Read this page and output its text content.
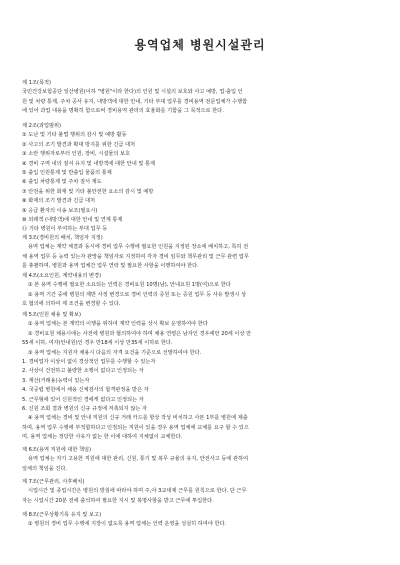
용역업체 병원시설관리

제 1조(목적)

국민건강보험공단 일산병원(이하 "병원"이라 한다)의 인원 및 시설의 보호와 사고 예방, 업·출입 인

원 및 차량 통제, 주차 공사 유지, 내방객에 대한 안내, 기타 부대 업무를 경비용역 전문업체가 수행함

에 있어 과업 내용을 명확히 함으로써 경비용역 관리의 효율화를 기함을 그 목적으로 한다.

제 2조(과업범위)

① 도난 및 기타 불법 행위의 감시 및 예방 활동

② 사고의 조기 발견과 확대 방지를 위한 긴급 대처

③ 소란 행위자로부터 인원, 장비, 시설물의 보호

④ 경비 구역 내의 질서 유지 및 내방객에 대한 안내 및 통제

⑤ 출입 인원통제 및 반출입 물품의 통제

⑥ 출입 차량통제 및 주차 질서 계도

⑦ 안전을 위한 화재 및 기타 불안전한 요소의 감시 및 예방

⑧ 화재의 조기 발견과 긴급 대처

⑨ 응급 환자의 이송 보조(필요시)

⑩ 외래객 (내방객)에 대한 안내 및 연계 통제

⑪ 기타 병원이 부여하는 부대 업무 등

제 3조(경비원의 배치, 책임자 지정)

용역 업체는 계약 체결과 동시에 경비 업무 수행에 필요한 인원을 지정된 장소에 배치하고, 특히 전

체 용역 업무 등 능력 있는자 관망을 책임자로 지정하여 각자 경비 임무와 책무관리 및 근무 관련 업무

를 총괄하며, 병원과 용역 업체간 업무 연락 및 필요한 사항을 이행하여야 한다.

제 4조(소요인원, 계약내용의 변경)

① 본 용역 수행에 필요한 소요되는 인력은 경비요원 10명(남), 안내요원 1명(여)으로 한다

② 용역 기간 중에 병원의 제반 사정 변경으로 경비 인력의 증원 또는 증원 업무 등 사유 발생시 상

호 협의에 의하여 제 조건을 변경할 수 있다.

제 5조(인원 채용 및 확보)

① 용역 업체는 본 계약의 이행을 위하여 계약 인력을 상시 확보 운영하여야 한다

② 경비요원 채용시에는 사전에 병원과 협의하여야 하며 채용 연령은 남자인 경우에만 20세 이상 만

55세 이하, 여자(안내원)인 경우 만18세 이상 만35세 이하로 한다.

③ 용역 업체는 지원자 채용시 다음의 자격 요건을 기준으로 선발하여야 한다.

1. 경비업자 이상이 없이 경상적인 업무를 수행할 수 있는자

2. 사상이 건전하고 불량한 소행이 없다고 인정되는 자

3. 계산(거래용)능력이 있는자

4. 국공립 병원에서 채용 신체검사의 합격판정을 받은 자

5. 근무형에 있어 신원적인 경에게 없다고 인정되는 자

6. 신원 조회 결과 병원의 신규 규정에 저촉되지 않는 자

④ 용역 업체는 경비 및 안내 직원의 신규 거래 카드를 항상 작성 비치하고 사본 1부를 병원에 제출

하며, 용역 업무 수행에 부적합하다고 인정되는 직원이 있을 경우 용역 업체에 교체를 요구 할 수 있으

며, 용역 업체는 정당한 사유가 없는 한 이에 대하여 지체없이 교체한다.

제 6조(용역 직원에 대한 책임)

용역 업체는 자기 고용한 직원에 대한 관리, 신원, 통기 및 복무 규율의 유지, 안전사고 등에 관하여

일체의 책임을 진다.

제 7조(근무관리, 사후배치)

시업시간 및 종업시간은 병원의 방침에 따라야 하며 주,야 3교대제 근무를 원칙으로 한다. 단 근무

자는 시업시간 20분 전에 출석하여 필요한 지시 및 복명사항을 받고 근무에 투입한다.

제 8조(근무상황기록 유지 및 보고)

① 병원의 경비 업무 수행에 지장이 없도록 용역 업체는 인력 운영을 성실히 하여야 한다.
